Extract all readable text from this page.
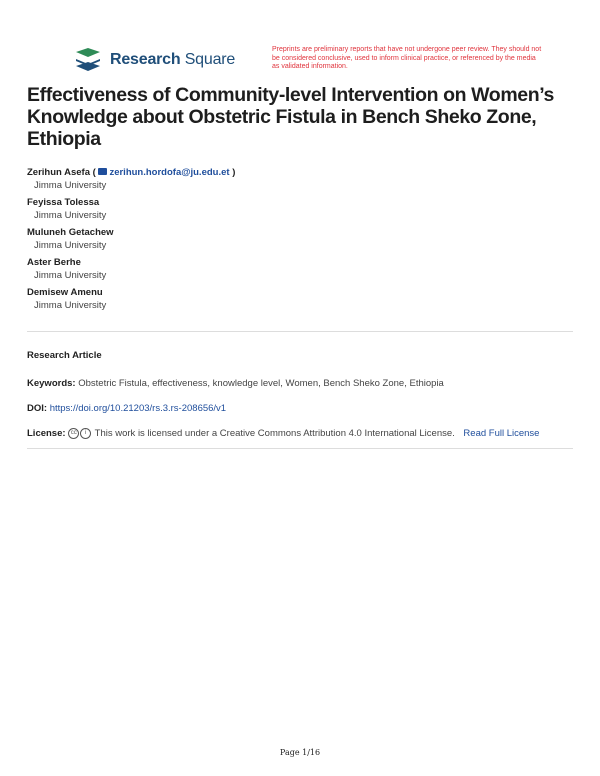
Research Square
Preprints are preliminary reports that have not undergone peer review. They should not be considered conclusive, used to inform clinical practice, or referenced by the media as validated information.
Effectiveness of Community-level Intervention on Women’s Knowledge about Obstetric Fistula in Bench Sheko Zone, Ethiopia
Zerihun Asefa ( zerihun.hordofa@ju.edu.et )
Jimma University
Feyissa Tolessa
Jimma University
Muluneh Getachew
Jimma University
Aster Berhe
Jimma University
Demisew Amenu
Jimma University
Research Article
Keywords: Obstetric Fistula, effectiveness, knowledge level, Women, Bench Sheko Zone, Ethiopia
DOI: https://doi.org/10.21203/rs.3.rs-208656/v1
License: cc i This work is licensed under a Creative Commons Attribution 4.0 International License. Read Full License
Page 1/16
